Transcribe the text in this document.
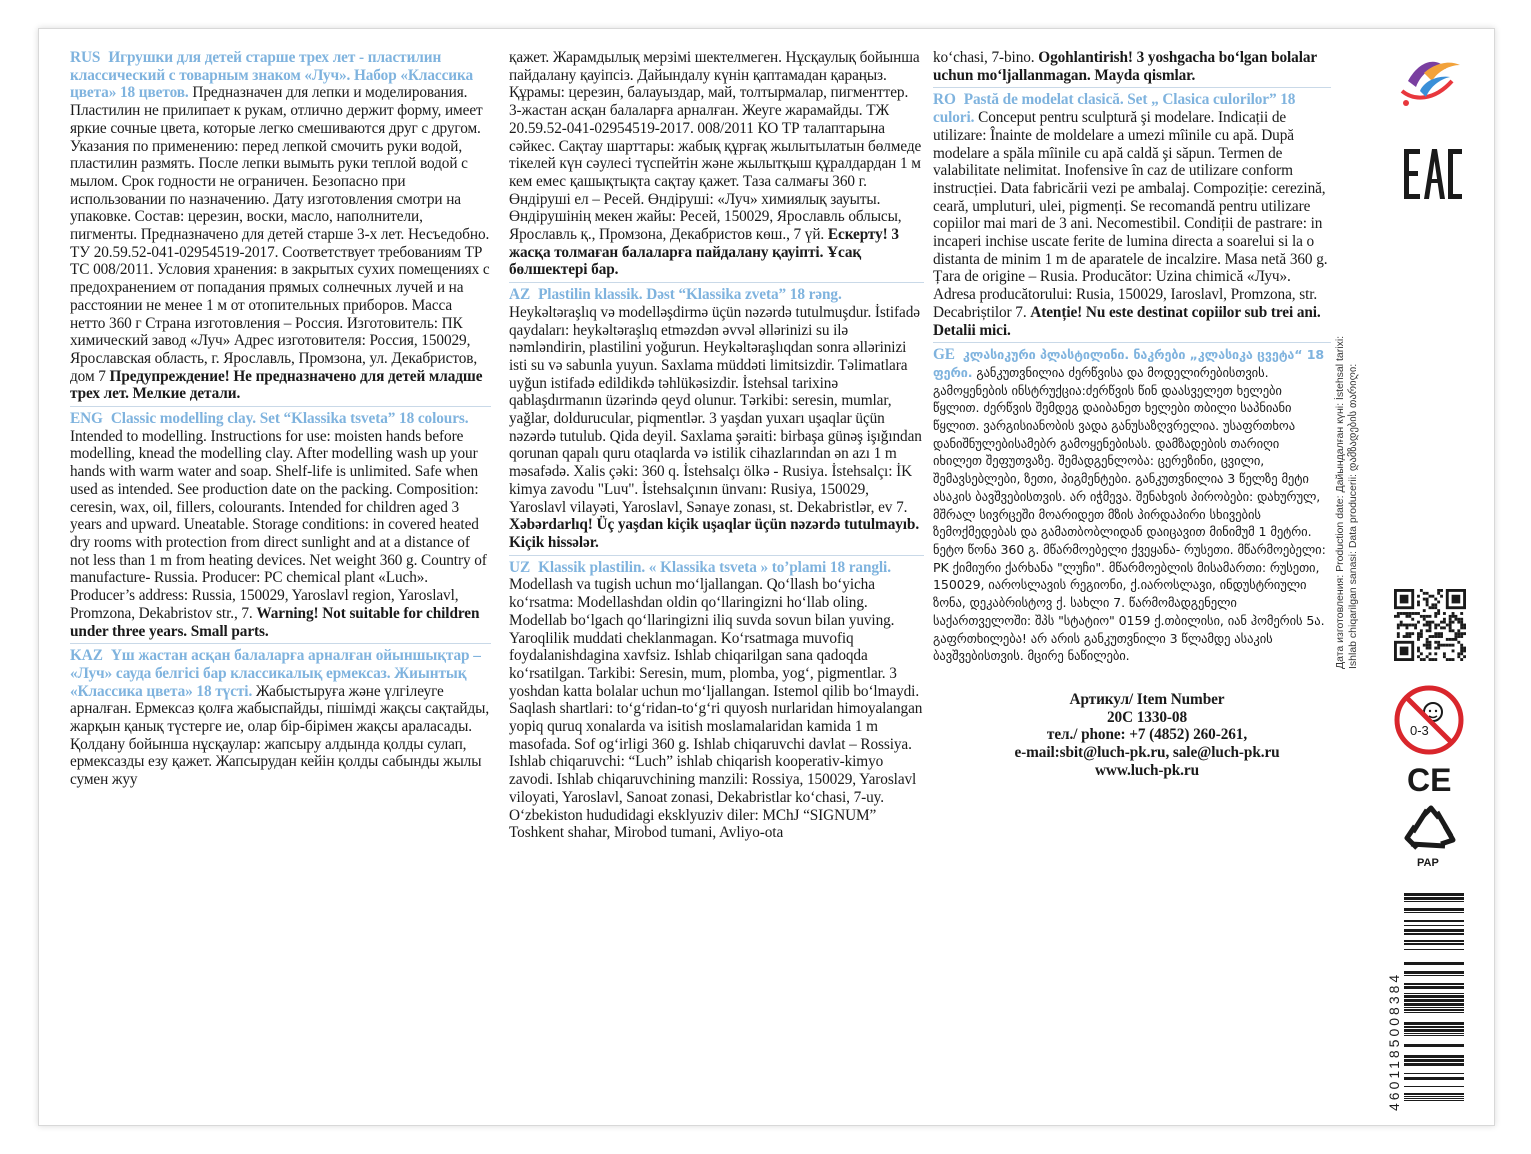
RUS Игрушки для детей старше трех лет - пластилин классический с товарным знаком «Луч». Набор «Классика цвета» 18 цветов. Предназначен для лепки и моделирования. Пластилин не прилипает к рукам, отлично держит форму, имеет яркие сочные цвета, которые легко смешиваются друг с другом. Указания по применению: перед лепкой смочить руки водой, пластилин размять. После лепки вымыть руки теплой водой с мылом. Срок годности не ограничен. Безопасно при использовании по назначению. Дату изготовления смотри на упаковке. Состав: церезин, воски, масло, наполнители, пигменты. Предназначено для детей старше 3-х лет. Несъедобно. ТУ 20.59.52-041-02954519-2017. Соответствует требованиям ТР ТС 008/2011. Условия хранения: в закрытых сухих помещениях с предохранением от попадания прямых солнечных лучей и на расстоянии не менее 1 м от отопительных приборов. Масса нетто 360 г Страна изготовления – Россия. Изготовитель: ПК химический завод «Луч» Адрес изготовителя: Россия, 150029, Ярославская область, г. Ярославль, Промзона, ул. Декабристов, дом 7 Предупреждение! Не предназначено для детей младше трех лет. Мелкие детали.

ENG Classic modelling clay. Set “Klassika tsveta” 18 colours. Intended to modelling. Instructions for use: moisten hands before modelling, knead the modelling clay. After modelling wash up your hands with warm water and soap. Shelf-life is unlimited. Safe when used as intended. See production date on the packing. Composition: ceresin, wax, oil, fillers, colourants. Intended for children aged 3 years and upward. Uneatable. Storage conditions: in covered heated dry rooms with protection from direct sunlight and at a distance of not less than 1 m from heating devices. Net weight 360 g. Country of manufacture- Russia. Producer: PC chemical plant «Luch». Producer’s address: Russia, 150029, Yaroslavl region, Yaroslavl, Promzona, Dekabristov str., 7. Warning! Not suitable for children under three years. Small parts.

KAZ Үш жастан асқан балаларға арналған ойыншықтар – «Луч» сауда белгісі бар классикалық ермексаз. Жиынтық «Классика цвета» 18 түсті. Жабыстыруға және үлгілеуге арналған. Ермексаз қолға жабыспайды, пішімді жақсы сақтайды, жарқын қанық түстерге ие, олар бір-бірімен жақсы араласады. Қолдану бойынша нұсқаулар: жапсыру алдында қолды сулап, ермексазды езу қажет. Жапсырудан кейін қолды сабынды жылы сумен жуу

қажет. Жарамдылық мерзімі шектелмеген. Нұсқаулық бойынша пайдалану қауіпсіз. Дайындалу күнін қаптамадан қараңыз. Құрамы: церезин, балауыздар, май, толтырмалар, пигменттер. 3-жастан асқан балаларға арналған. Жеуге жарамайды. ТЖ 20.59.52-041-02954519-2017. 008/2011 КО ТР талаптарына сәйкес. Сақтау шарттары: жабық құрғақ жылытылатын бөлмеде тікелей күн сәулесі түспейтін және жылытқыш құралдардан 1 м кем емес қашықтықта сақтау қажет. Таза салмағы 360 г. Өндіруші ел – Ресей. Өндіруші: «Луч» химиялық зауыты. Өндірушінің мекен жайы: Ресей, 150029, Ярославль облысы, Ярославль қ., Промзона, Декабристов көш., 7 үй. Ескерту! 3 жасқа толмаған балаларға пайдалану қауіпті. Ұсақ бөлшектері бар.

AZ Plastilin klassik. Dəst “Klassika zveta” 18 rəng. Heykəltəraşlıq və modelləşdirmə üçün nəzərdə tutulmuşdur. İstifadə qaydaları: heykəltəraşlıq etməzdən əvvəl əllərinizi su ilə nəmləndirin, plastilini yoğurun. Heykəltəraşlıqdan sonra əllərinizi isti su və sabunla yuyun. Saxlama müddəti limitsizdir. Təlimatlara uyğun istifadə edildikdə təhlükəsizdir. İstehsal tarixinə qablaşdırmanın üzərində qeyd olunur. Tərkibi: seresin, mumlar, yağlar, doldurucular, piqmentlər. 3 yaşdan yuxarı uşaqlar üçün nəzərdə tutulub. Qida deyil. Saxlama şəraiti: birbaşa günəş işığından qorunan qapalı quru otaqlarda və istilik cihazlarından ən azı 1 m məsafədə. Xalis çəki: 360 q. İstehsalçı ölkə - Rusiya. İstehsalçı: İK kimya zavodu "Luч". İstehsalçının ünvanı: Rusiya, 150029, Yaroslavl vilayəti, Yaroslavl, Sənaye zonası, st. Dekabristlər, ev 7. Xəbərdarlıq! Üç yaşdan kiçik uşaqlar üçün nəzərdə tutulmayıb. Kiçik hissələr.

UZ Klassik plastilin. « Klassika tsveta » to’plami 18 rangli. Modellash va tugish uchun mo‘ljallangan. Qo‘llash bo‘yicha ko‘rsatma: Modellashdan oldin qo‘llaringizni ho‘llab oling. Modellab bo‘lgach qo‘llaringizni iliq suvda sovun bilan yuving. Yaroqlilik muddati cheklanmagan. Ko‘rsatmaga muvofiq foydalanishdagina xavfsiz. Ishlab chiqarilgan sana qadoqda ko‘rsatilgan. Tarkibi: Seresin, mum, plomba, yog‘, pigmentlar. 3 yoshdan katta bolalar uchun mo‘ljallangan. Istemol qilib bo‘lmaydi. Saqlash shartlari: to‘g‘ridan-to‘g‘ri quyosh nurlaridan himoyalangan yopiq quruq xonalarda va isitish moslamalaridan kamida 1 m masofada. Sof og‘irligi 360 g. Ishlab chiqaruvchi davlat – Rossiya. Ishlab chiqaruvchi: “Luch” ishlab chiqarish kooperativ-kimyo zavodi. Ishlab chiqaruvchining manzili: Rossiya, 150029, Yaroslavl viloyati, Yaroslavl, Sanoat zonasi, Dekabristlar ko‘chasi, 7-uy. O‘zbekiston hududidagi eksklyuziv diler: MChJ “SIGNUM” Toshkent shahar, Mirobod tumani, Avliyo-ota

ko‘chasi, 7-bino. Ogohlantirish! 3 yoshgacha bo‘lgan bolalar uchun mo‘ljallanmagan. Mayda qismlar.

RO Pastă de modelat clasică. Set „ Clasica culorilor” 18 culori. Conceput pentru sculptură şi modelare. Indicații de utilizare: Înainte de moldelare a umezi mîinile cu apă. După modelare a spăla mîinile cu apă caldă şi săpun. Termen de valabilitate nelimitat. Inofensive în caz de utilizare conform instrucției. Data fabricării vezi pe ambalaj. Compoziție: cerezină, ceară, umpluturi, ulei, pigmenți. Se recomandă pentru utilizare copiilor mai mari de 3 ani. Necomestibil. Condiții de pastrare: in incaperi inchise uscate ferite de lumina directa a soarelui si la o distanta de minim 1 m de aparatele de incalzire. Masa netă 360 g. Țara de origine – Rusia. Producător: Uzina chimică «Луч». Adresa producătorului: Rusia, 150029, Iaroslavl, Promzona, str. Decabriștilor 7. Atenție! Nu este destinat copiilor sub trei ani. Detalii mici.

GE კლასიკური პლასტილინი. ნაკრები „კლასიკა ცვეტა“ 18 ფერი. განკუთვნილია ძერწვისა და მოდელირებისთვის. გამოყენების ინსტრუქცია:ძერწვის წინ დაასველეთ ხელები წყლით. ძერწვის შემდეგ დაიბანეთ ხელები თბილი საპნიანი წყლით. ვარგისიანობის ვადა განუსაზღვრელია. უსაფრთხოა დანიშნულებისამებრ გამოყენებისას. დამზადების თარიღი იხილეთ შეფუთვაზე. შემადგენლობა: ცერეზინი, ცვილი, შემავსებლები, ზეთი, პიგმენტები. განკუთვნილია 3 წელზე მეტი ასაკის ბავშვებისთვის. არ იჭმევა. შენახვის პირობები: დახურულ, მშრალ სივრცეში მოარიდეთ მზის პირდაპირი სხივების ზემოქმედებას და გამათბობლიდან დაიცავით მინიმუმ 1 მეტრი. ნეტო წონა 360 გ. მწარმოებელი ქვეყანა- რუსეთი. მწარმოებელი: PK ქიმიური ქარხანა "ლუჩი". მწარმოებლის მისამართი: რუსეთი, 150029, იაროსლავის რეგიონი, ქ.იაროსლავი, ინდუსტრიული ზონა, დეკაბრისტოვ ქ. სახლი 7. წარმომადგენელი საქართველოში: შპს "სტატიო" 0159 ქ.თბილისი, იან ჰომერის 5ა. გაფრთხილება! არ არის განკუთვნილი 3 წლამდე ასაკის ბავშვებისთვის. მცირე ნაწილები.

Артикул/ Item Number
20C 1330-08
тел./ phone: +7 (4852) 260-261,
e-mail:sbit@luch-pk.ru, sale@luch-pk.ru
www.luch-pk.ru
Дата изготовления: Production date: Дайындалған күні: İstehsal tarixi: Ishlab chiqarilgan sanasi: Data producerii: დამზადების თარიღი:
0-3
CE
PAP
4601185008384
